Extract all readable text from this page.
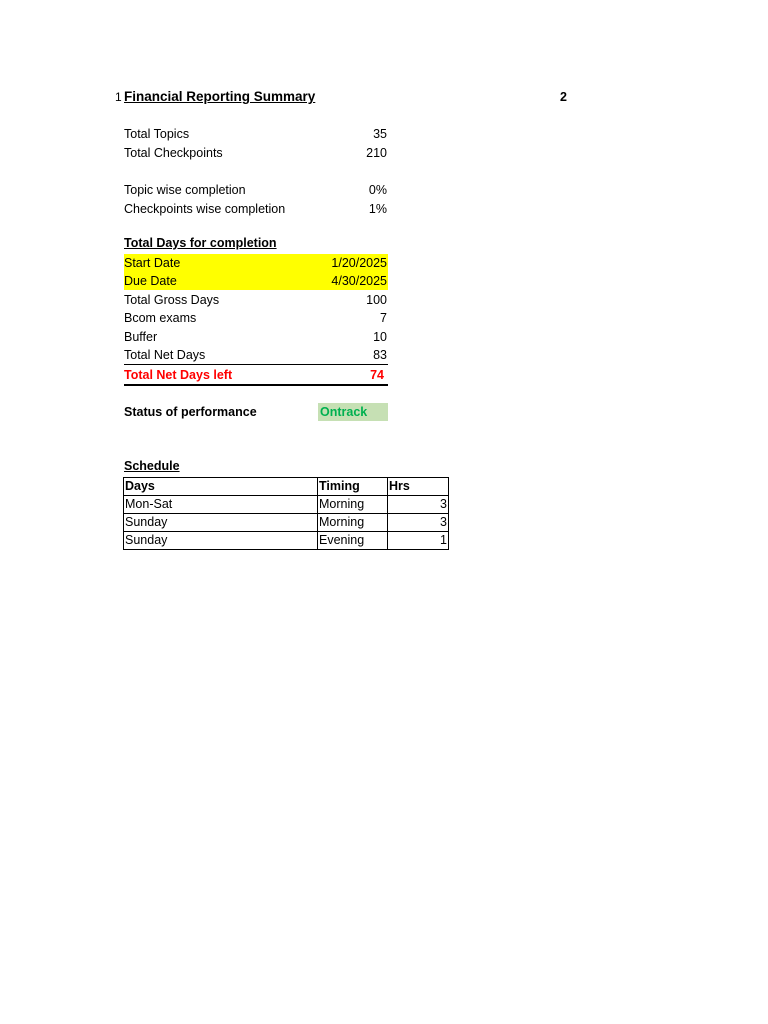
1 Financial Reporting Summary	2
Total Topics	35
Total Checkpoints	210
Topic wise completion	0%
Checkpoints wise completion	1%
Total Days for completion
Start Date	1/20/2025
Due Date	4/30/2025
Total Gross Days	100
Bcom exams	7
Buffer	10
Total Net Days	83
Total Net Days left	74
Status of performance	Ontrack
Schedule
Days	Timing	Hrs
Mon-Sat	Morning	3
Sunday	Morning	3
Sunday	Evening	1
